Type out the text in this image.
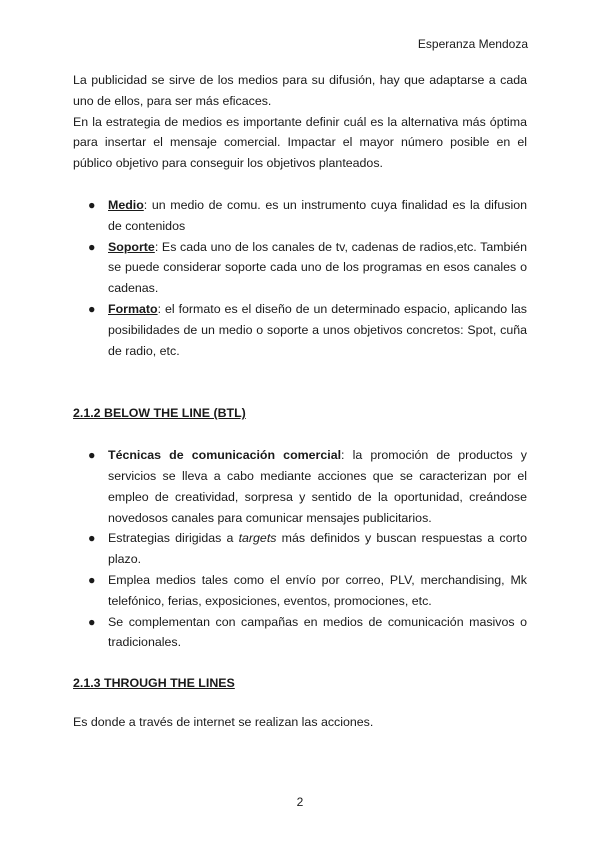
Esperanza Mendoza

La publicidad se sirve de los medios para su difusión, hay que adaptarse a cada uno de ellos, para ser más eficaces.

En la estrategia de medios es importante definir cuál es la alternativa más óptima para insertar el mensaje comercial. Impactar el mayor número posible en el público objetivo para conseguir los objetivos planteados.

● Medio: un medio de comu. es un instrumento cuya finalidad es la difusion de contenidos
● Soporte: Es cada uno de los canales de tv, cadenas de radios,etc. También se puede considerar soporte cada uno de los programas en esos canales o cadenas.
● Formato: el formato es el diseño de un determinado espacio, aplicando las posibilidades de un medio o soporte a unos objetivos concretos: Spot, cuña de radio, etc.

2.1.2 BELOW THE LINE (BTL)

● Técnicas de comunicación comercial: la promoción de productos y servicios se lleva a cabo mediante acciones que se caracterizan por el empleo de creatividad, sorpresa y sentido de la oportunidad, creándose novedosos canales para comunicar mensajes publicitarios.
● Estrategias dirigidas a targets más definidos y buscan respuestas a corto plazo.
● Emplea medios tales como el envío por correo, PLV, merchandising, Mk telefónico, ferias, exposiciones, eventos, promociones, etc.
● Se complementan con campañas en medios de comunicación masivos o tradicionales.

2.1.3 THROUGH THE LINES

Es donde a través de internet se realizan las acciones.

2
